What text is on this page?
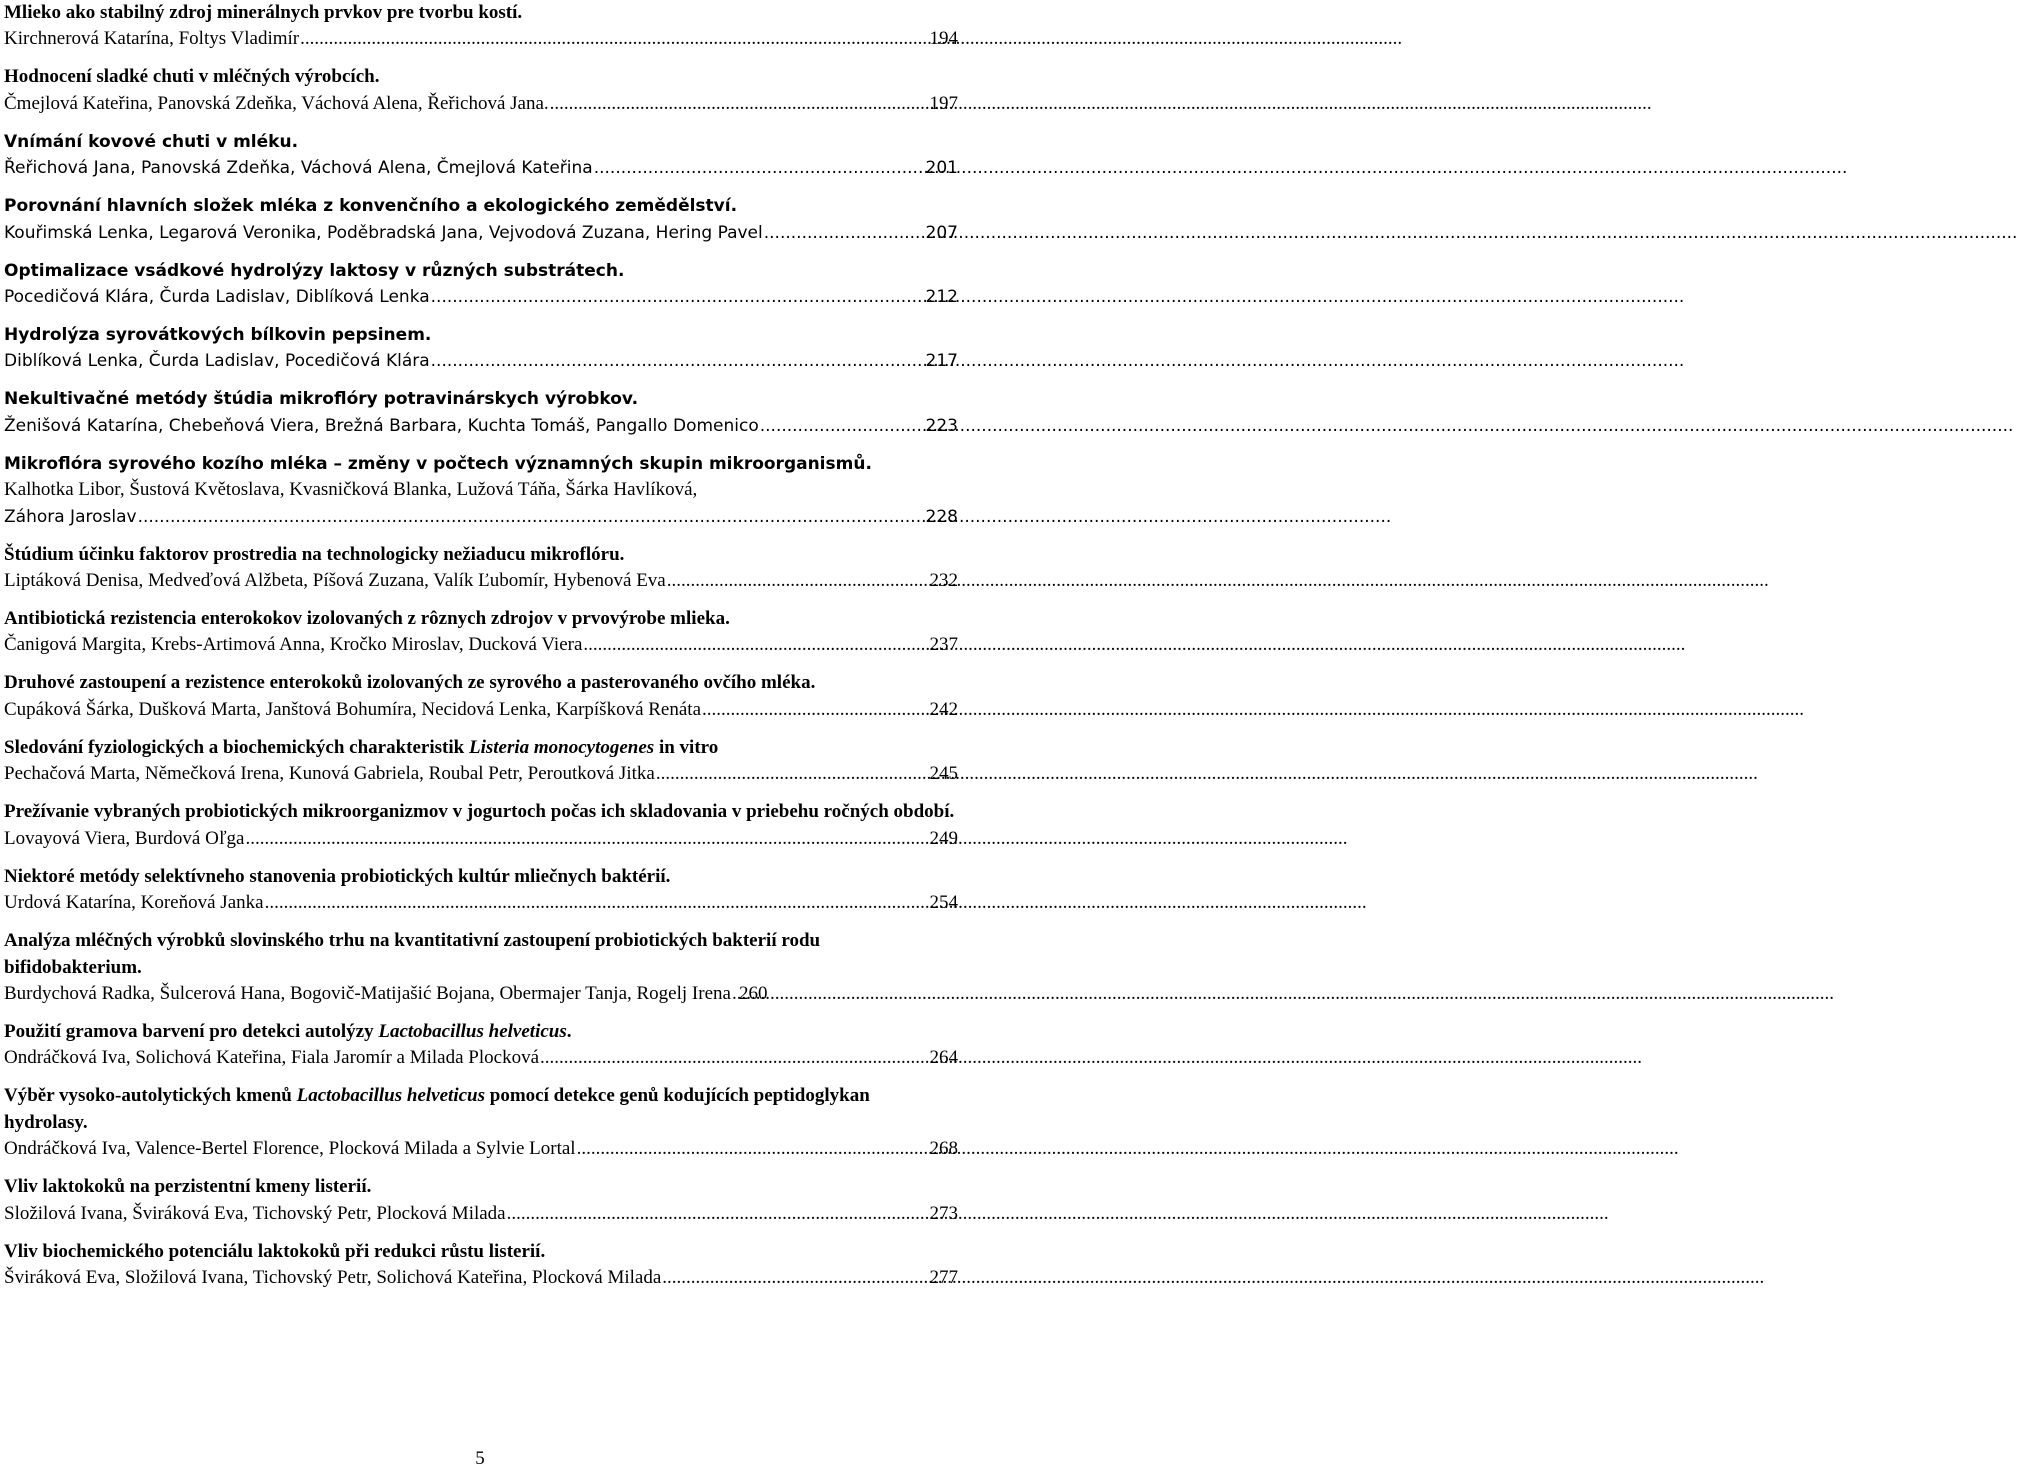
Mlieko ako stabilný zdroj minerálnych prvkov pre tvorbu kostí.

Kirchnerová Katarína, Foltys Vladimír .....	194

Hodnocení sladké chuti v mléčných výrobcích.

Čmejlová Kateřina, Panovská Zdeňka, Váchová Alena, Řeřichová Jana. .....	197

Vnímání kovové chuti v mléku.

Řeřichová Jana, Panovská Zdeňka, Váchová Alena, Čmejlová Kateřina .....	201

Porovnání hlavních složek mléka z konvenčního a ekologického zemědělství.

Kouřimská Lenka, Legarová Veronika, Poděbradská Jana, Vejvodová Zuzana, Hering Pavel .....	207

Optimalizace vsádkové hydrolýzy laktosy v různých substrátech.

Pocedičová Klára, Čurda Ladislav, Diblíková Lenka .....	212

Hydrolýza syrovátkových bílkovin pepsinem.

Diblíková Lenka, Čurda Ladislav, Pocedičová Klára .....	217

Nekultivačné metódy štúdia mikroflóry potravinárskych výrobkov.

Ženišová Katarína, Chebeňová Viera, Brežná Barbara, Kuchta Tomáš, Pangallo Domenico .....	223

Mikroflóra syrového kozího mléka – změny v počtech významných skupin mikroorganismů.

Kalhotka Libor, Šustová Květoslava, Kvasničková Blanka, Lužová Táňa, Šárka Havlíková,

Záhora Jaroslav .....	228

Štúdium účinku faktorov prostredia na technologicky nežiaducu mikroflóru.

Liptáková Denisa, Medveďová Alžbeta, Píšová Zuzana, Valík Ľubomír, Hybenová Eva .....	232

Antibiotická rezistencia enterokokov izolovaných z rôznych zdrojov v prvovýrobe mlieka.

Čanigová Margita, Krebs-Artimová Anna, Kročko Miroslav, Ducková Viera .....	237

Druhové zastoupení a rezistence enterokoků izolovaných ze syrového a pasterovaného ovčího mléka.

Cupáková Šárka, Dušková Marta, Janštová Bohumíra, Necidová Lenka, Karpíšková Renáta .....	242

Sledování fyziologických a biochemických charakteristik Listeria monocytogenes in vitro

Pechačová Marta, Němečková Irena, Kunová Gabriela, Roubal Petr, Peroutková Jitka .....	245

Prežívanie vybraných probiotických mikroorganizmov v jogurtoch počas ich skladovania v priebehu ročných období.

Lovayová Viera, Burdová Oľga .....	249

Niektoré metódy selektívneho stanovenia probiotických kultúr mliečnych baktérií.

Urdová Katarína, Koreňová Janka .....	254

Analýza mléčných výrobků slovinského trhu na kvantitativní zastoupení probiotických bakterií rodu bifidobakterium.

Burdychová Radka, Šulcerová Hana, Bogovič-Matijašić Bojana, Obermajer Tanja, Rogelj Irena ..... 260

Použití gramova barvení pro detekci autolýzy Lactobacillus helveticus.

Ondráčková Iva, Solichová Kateřina, Fiala Jaromír a Milada Plocková .....	264

Výběr vysoko-autolytických kmenů Lactobacillus helveticus pomocí detekce genů kodujících peptidoglykan hydrolasy.

Ondráčková Iva, Valence-Bertel Florence, Plocková Milada a Sylvie Lortal .....	268

Vliv laktokoků na perzistentní kmeny listerií.

Složilová Ivana, Šviráková Eva, Tichovský Petr, Plocková Milada .....	273

Vliv biochemického potenciálu laktokoků při redukci růstu listerií.

Šviráková Eva, Složilová Ivana, Tichovský Petr, Solichová Kateřina, Plocková Milada .....	277
5
